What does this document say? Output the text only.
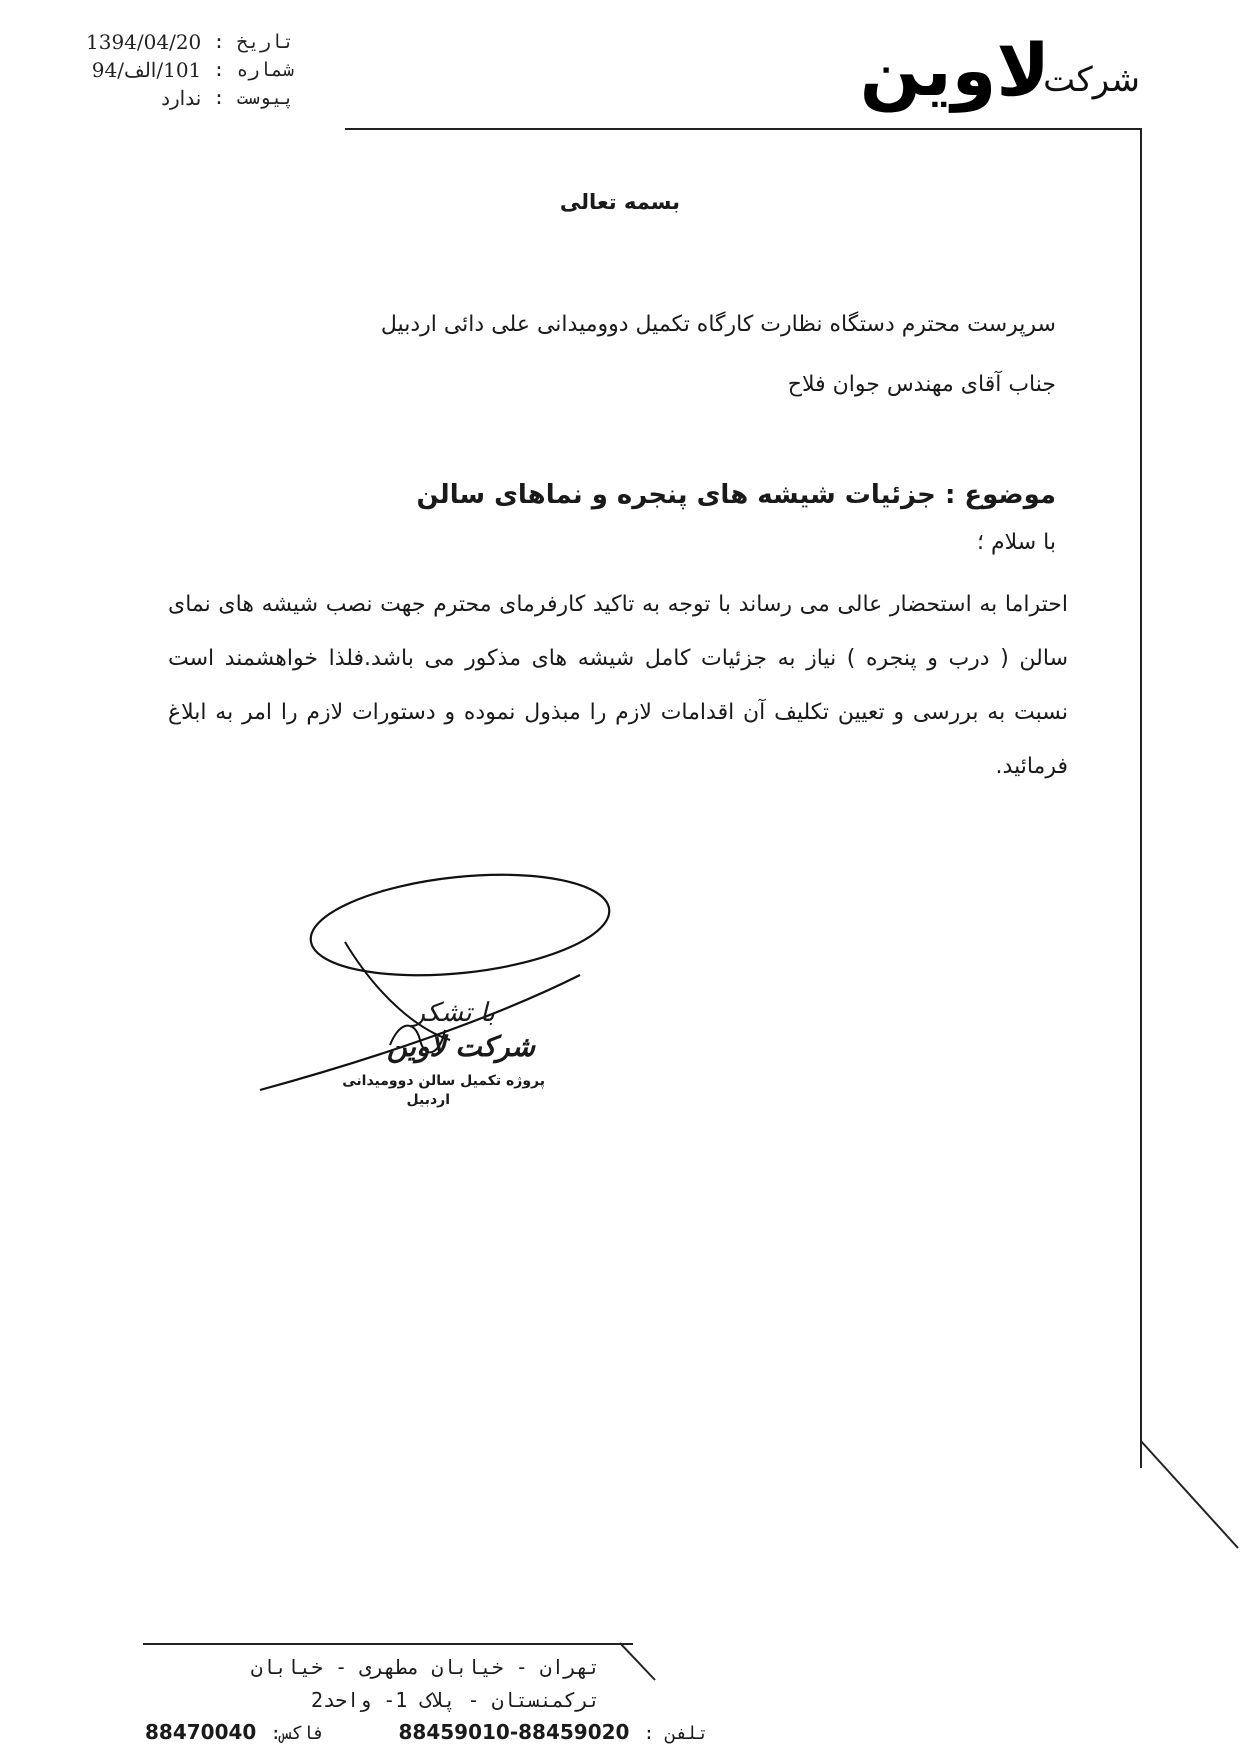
شرکت
لاوین
تاریخ
:
1394/04/20
شماره
:
101/الف/94
پیوست
:
ندارد
بسمه تعالی
سرپرست محترم دستگاه نظارت کارگاه تکمیل دوومیدانی علی دائی اردبیل
جناب آقای مهندس جوان فلاح
موضوع : جزئیات شیشه های پنجره و نماهای سالن
با سلام ؛
احتراما به استحضار عالی می رساند با توجه به تاکید کارفرمای محترم جهت نصب شیشه های نمای سالن ( درب و پنجره ) نیاز به جزئیات کامل شیشه های مذکور می باشد.فلذا خواهشمند است نسبت به بررسی و تعیین تکلیف آن اقدامات لازم را مبذول نموده و دستورات لازم را امر به ابلاغ فرمائید.
با تشکر
شرکت لاوین
پروژه تکمیل سالن دوومیدانی
اردبیل
تهران - خیابان مطهری - خیابان
ترکمنستان - پلاک 1- واحد2
تلفن :
88459010-88459020
فاکس:
88470040
